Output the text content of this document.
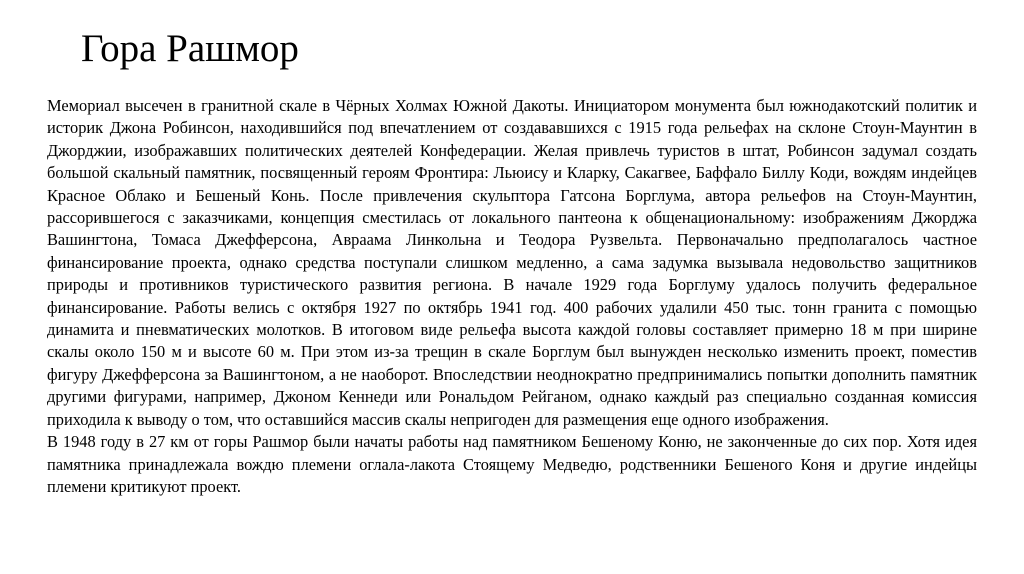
Гора Рашмор

Мемориал высечен в гранитной скале в Чёрных Холмах Южной Дакоты. Инициатором монумента был южнодакотский политик и историк Джона Робинсон, находившийся под впечатлением от создававшихся с 1915 года рельефах на склоне Стоун-Маунтин в Джорджии, изображавших политических деятелей Конфедерации. Желая привлечь туристов в штат, Робинсон задумал создать большой скальный памятник, посвященный героям Фронтира: Льюису и Кларку, Сакагвее, Баффало Биллу Коди, вождям индейцев Красное Облако и Бешеный Конь. После привлечения скульптора Гатсона Борглума, автора рельефов на Стоун-Маунтин, рассорившегося с заказчиками, концепция сместилась от локального пантеона к общенациональному: изображениям Джорджа Вашингтона, Томаса Джефферсона, Авраама Линкольна и Теодора Рузвельта. Первоначально предполагалось частное финансирование проекта, однако средства поступали слишком медленно, а сама задумка вызывала недовольство защитников природы и противников туристического развития региона. В начале 1929 года Борглуму удалось получить федеральное финансирование. Работы велись с октября 1927 по октябрь 1941 год. 400 рабочих удалили 450 тыс. тонн гранита с помощью динамита и пневматических молотков. В итоговом виде рельефа высота каждой головы составляет примерно 18 м при ширине скалы около 150 м и высоте 60 м. При этом из-за трещин в скале Борглум был вынужден несколько изменить проект, поместив фигуру Джефферсона за Вашингтоном, а не наоборот. Впоследствии неоднократно предпринимались попытки дополнить памятник другими фигурами, например, Джоном Кеннеди или Рональдом Рейганом, однако каждый раз специально созданная комиссия приходила к выводу о том, что оставшийся массив скалы непригоден для размещения еще одного изображения.

В 1948 году в 27 км от горы Рашмор были начаты работы над памятником Бешеному Коню, не законченные до сих пор. Хотя идея памятника принадлежала вождю племени оглала-лакота Стоящему Медведю, родственники Бешеного Коня и другие индейцы племени критикуют проект.
